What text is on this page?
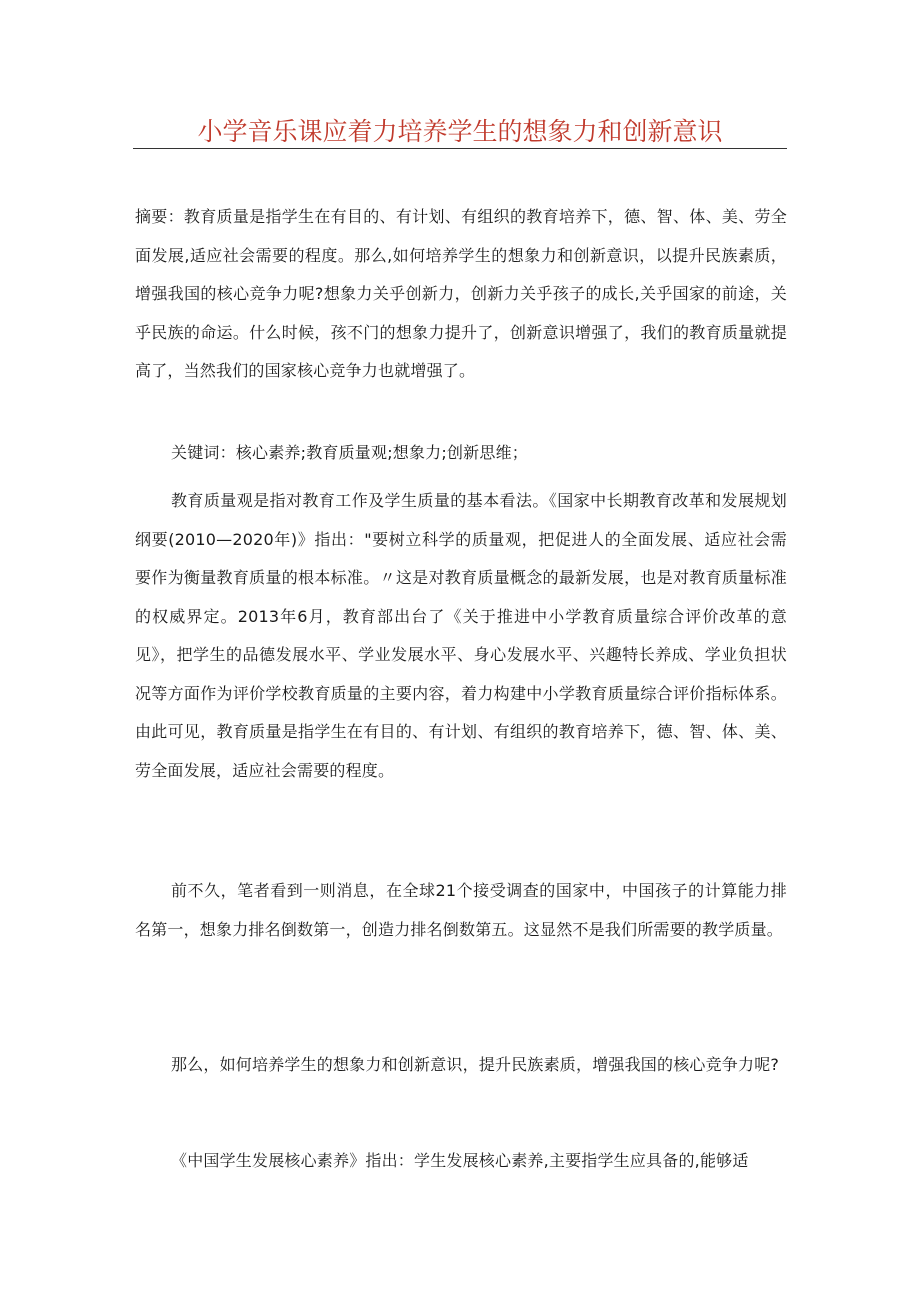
小学音乐课应着力培养学生的想象力和创新意识

摘要：教育质量是指学生在有目的、有计划、有组织的教育培养下，德、智、体、美、劳全面发展,适应社会需要的程度。那么,如何培养学生的想象力和创新意识，以提升民族素质，增强我国的核心竞争力呢?想象力关乎创新力，创新力关乎孩子的成长,关乎国家的前途，关乎民族的命运。什么时候，孩不门的想象力提升了，创新意识增强了，我们的教育质量就提高了，当然我们的国家核心竞争力也就增强了。

关键词：核心素养;教育质量观;想象力;创新思维；

教育质量观是指对教育工作及学生质量的基本看法。《国家中长期教育改革和发展规划纲要(2010—2020年)》指出："要树立科学的质量观，把促进人的全面发展、适应社会需要作为衡量教育质量的根本标准。〃这是对教育质量概念的最新发展，也是对教育质量标准的权威界定。2013年6月，教育部出台了《关于推进中小学教育质量综合评价改革的意见》，把学生的品德发展水平、学业发展水平、身心发展水平、兴趣特长养成、学业负担状况等方面作为评价学校教育质量的主要内容，着力构建中小学教育质量综合评价指标体系。由此可见，教育质量是指学生在有目的、有计划、有组织的教育培养下，德、智、体、美、劳全面发展，适应社会需要的程度。

前不久，笔者看到一则消息，在全球21个接受调查的国家中，中国孩子的计算能力排名第一，想象力排名倒数第一，创造力排名倒数第五。这显然不是我们所需要的教学质量。

那么，如何培养学生的想象力和创新意识，提升民族素质，增强我国的核心竞争力呢?

《中国学生发展核心素养》指出：学生发展核心素养,主要指学生应具备的,能够适
